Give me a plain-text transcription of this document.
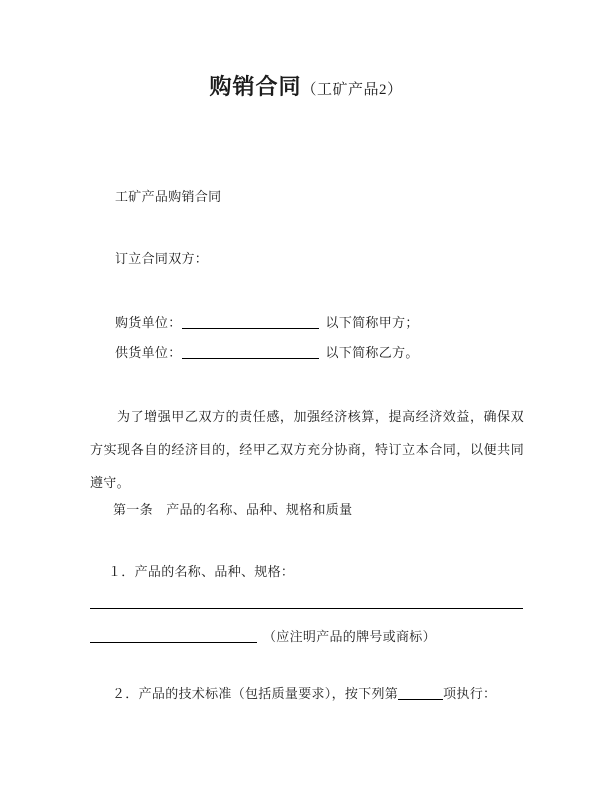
购销合同（工矿产品2）
工矿产品购销合同
订立合同双方：
购货单位：	以下简称甲方；
供货单位：	以下简称乙方。
为了增强甲乙双方的责任感，加强经济核算，提高经济效益，确保双方实现各自的经济目的，经甲乙双方充分协商，特订立本合同，以便共同遵守。
第一条　产品的名称、品种、规格和质量
１．产品的名称、品种、规格：
（应注明产品的牌号或商标）
２．产品的技术标准（包括质量要求），按下列第	项执行：
